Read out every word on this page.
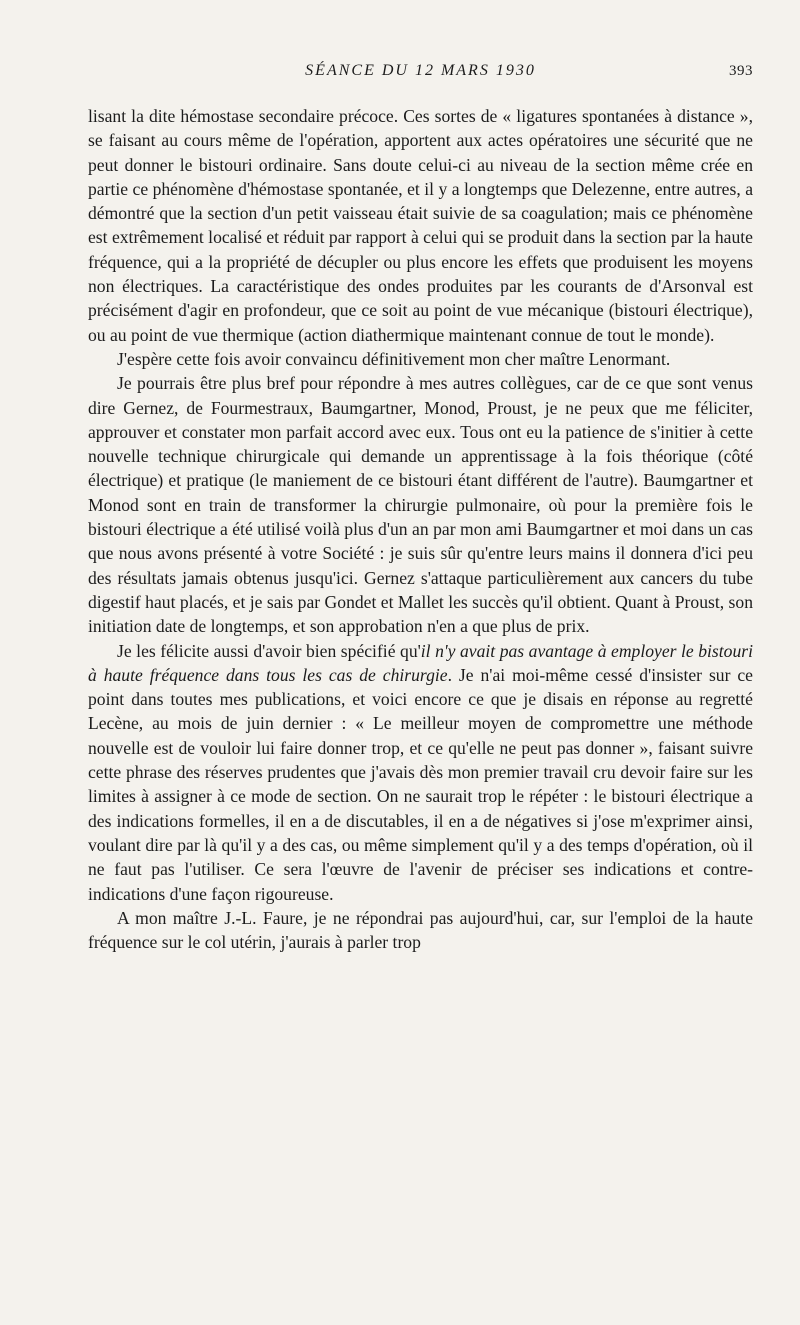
SÉANCE DU 12 MARS 1930	393

lisant la dite hémostase secondaire précoce. Ces sortes de « ligatures spontanées à distance », se faisant au cours même de l'opération, apportent aux actes opératoires une sécurité que ne peut donner le bistouri ordinaire. Sans doute celui-ci au niveau de la section même crée en partie ce phénomène d'hémostase spontanée, et il y a longtemps que Delezenne, entre autres, a démontré que la section d'un petit vaisseau était suivie de sa coagulation; mais ce phénomène est extrêmement localisé et réduit par rapport à celui qui se produit dans la section par la haute fréquence, qui a la propriété de décupler ou plus encore les effets que produisent les moyens non électriques. La caractéristique des ondes produites par les courants de d'Arsonval est précisément d'agir en profondeur, que ce soit au point de vue mécanique (bistouri électrique), ou au point de vue thermique (action diathermique maintenant connue de tout le monde).

J'espère cette fois avoir convaincu définitivement mon cher maître Lenormant.

Je pourrais être plus bref pour répondre à mes autres collègues, car de ce que sont venus dire Gernez, de Fourmestraux, Baumgartner, Monod, Proust, je ne peux que me féliciter, approuver et constater mon parfait accord avec eux. Tous ont eu la patience de s'initier à cette nouvelle technique chirurgicale qui demande un apprentissage à la fois théorique (côté électrique) et pratique (le maniement de ce bistouri étant différent de l'autre). Baumgartner et Monod sont en train de transformer la chirurgie pulmonaire, où pour la première fois le bistouri électrique a été utilisé voilà plus d'un an par mon ami Baumgartner et moi dans un cas que nous avons présenté à votre Société : je suis sûr qu'entre leurs mains il donnera d'ici peu des résultats jamais obtenus jusqu'ici. Gernez s'attaque particulièrement aux cancers du tube digestif haut placés, et je sais par Gondet et Mallet les succès qu'il obtient. Quant à Proust, son initiation date de longtemps, et son approbation n'en a que plus de prix.

Je les félicite aussi d'avoir bien spécifié qu'il n'y avait pas avantage à employer le bistouri à haute fréquence dans tous les cas de chirurgie. Je n'ai moi-même cessé d'insister sur ce point dans toutes mes publications, et voici encore ce que je disais en réponse au regretté Lecène, au mois de juin dernier : « Le meilleur moyen de compromettre une méthode nouvelle est de vouloir lui faire donner trop, et ce qu'elle ne peut pas donner », faisant suivre cette phrase des réserves prudentes que j'avais dès mon premier travail cru devoir faire sur les limites à assigner à ce mode de section. On ne saurait trop le répéter : le bistouri électrique a des indications formelles, il en a de discutables, il en a de négatives si j'ose m'exprimer ainsi, voulant dire par là qu'il y a des cas, ou même simplement qu'il y a des temps d'opération, où il ne faut pas l'utiliser. Ce sera l'œuvre de l'avenir de préciser ses indications et contre-indications d'une façon rigoureuse.

A mon maître J.-L. Faure, je ne répondrai pas aujourd'hui, car, sur l'emploi de la haute fréquence sur le col utérin, j'aurais à parler trop
